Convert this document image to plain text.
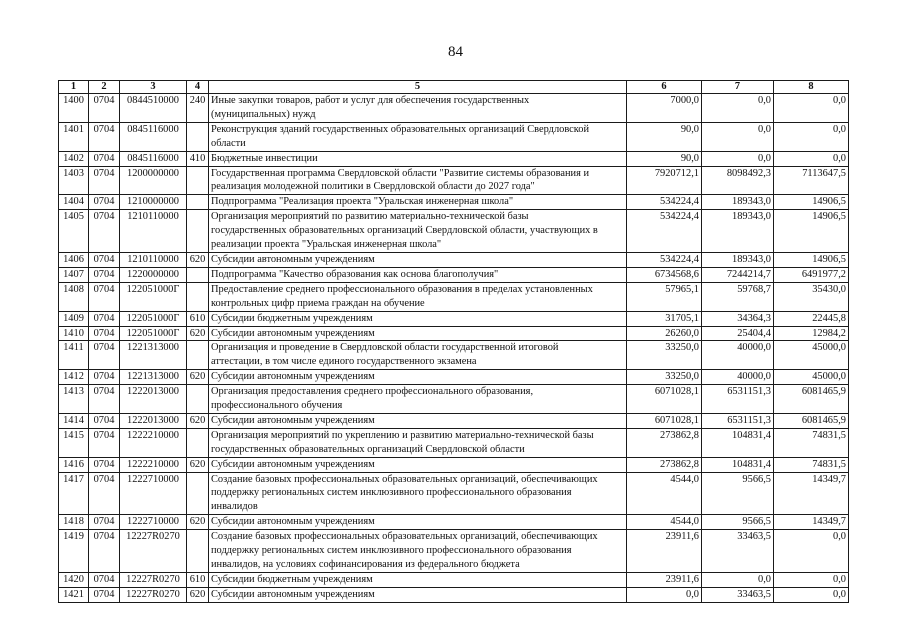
84
1	2	3	4	5	6	7	8
1400	0704	0844510000	240	Иные закупки товаров, работ и услуг для обеспечения государственных
(муниципальных) нужд	7000,0	0,0	0,0
1401	0704	0845116000		Реконструкция зданий государственных образовательных организаций Свердловской
области	90,0	0,0	0,0
1402	0704	0845116000	410	Бюджетные инвестиции	90,0	0,0	0,0
1403	0704	1200000000		Государственная программа Свердловской области "Развитие системы образования и
реализация молодежной политики в Свердловской области до 2027 года"	7920712,1	8098492,3	7113647,5
1404	0704	1210000000		Подпрограмма "Реализация проекта "Уральская инженерная школа"	534224,4	189343,0	14906,5
1405	0704	1210110000		Организация мероприятий по развитию материально-технической базы
государственных образовательных организаций Свердловской области, участвующих в
реализации проекта "Уральская инженерная школа"	534224,4	189343,0	14906,5
1406	0704	1210110000	620	Субсидии автономным учреждениям	534224,4	189343,0	14906,5
1407	0704	1220000000		Подпрограмма "Качество образования как основа благополучия"	6734568,6	7244214,7	6491977,2
1408	0704	122051000Г		Предоставление среднего профессионального образования в пределах установленных
контрольных цифр приема граждан на обучение	57965,1	59768,7	35430,0
1409	0704	122051000Г	610	Субсидии бюджетным учреждениям	31705,1	34364,3	22445,8
1410	0704	122051000Г	620	Субсидии автономным учреждениям	26260,0	25404,4	12984,2
1411	0704	1221313000		Организация и проведение в Свердловской области государственной итоговой
аттестации, в том числе единого государственного экзамена	33250,0	40000,0	45000,0
1412	0704	1221313000	620	Субсидии автономным учреждениям	33250,0	40000,0	45000,0
1413	0704	1222013000		Организация предоставления среднего профессионального образования,
профессионального обучения	6071028,1	6531151,3	6081465,9
1414	0704	1222013000	620	Субсидии автономным учреждениям	6071028,1	6531151,3	6081465,9
1415	0704	1222210000		Организация мероприятий по укреплению и развитию материально-технической базы
государственных образовательных организаций Свердловской области	273862,8	104831,4	74831,5
1416	0704	1222210000	620	Субсидии автономным учреждениям	273862,8	104831,4	74831,5
1417	0704	1222710000		Создание базовых профессиональных образовательных организаций, обеспечивающих
поддержку региональных систем инклюзивного профессионального образования
инвалидов	4544,0	9566,5	14349,7
1418	0704	1222710000	620	Субсидии автономным учреждениям	4544,0	9566,5	14349,7
1419	0704	12227R0270		Создание базовых профессиональных образовательных организаций, обеспечивающих
поддержку региональных систем инклюзивного профессионального образования
инвалидов, на условиях софинансирования из федерального бюджета	23911,6	33463,5	0,0
1420	0704	12227R0270	610	Субсидии бюджетным учреждениям	23911,6	0,0	0,0
1421	0704	12227R0270	620	Субсидии автономным учреждениям	0,0	33463,5	0,0
